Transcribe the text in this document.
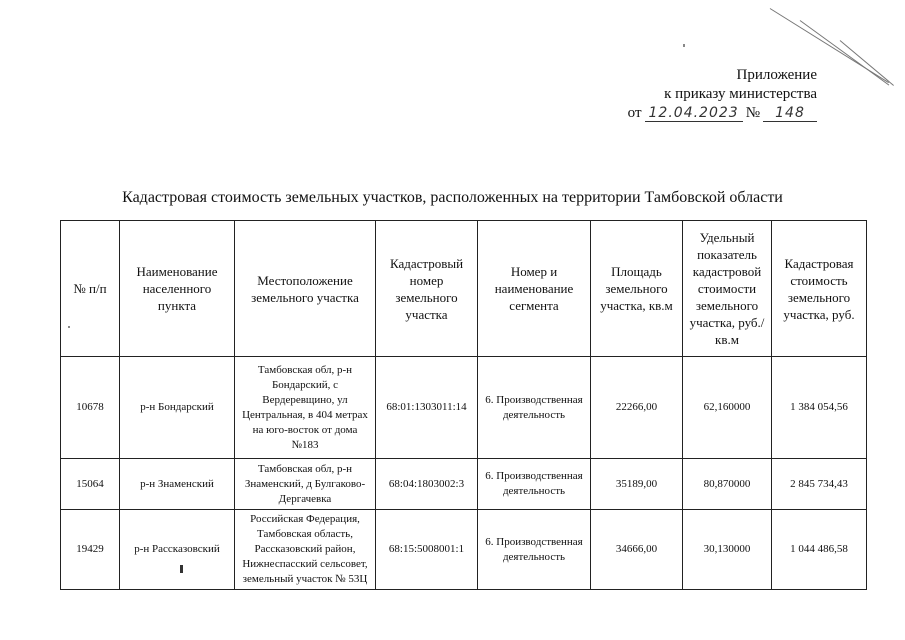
Приложение
к приказу министерства
от 12.04.2023 №	148
Кадастровая стоимость земельных участков, расположенных на территории Тамбовской области
№ п/п	Наименование населенного пункта	Местоположение земельного участка	Кадастровый номер земельного участка	Номер и наименование сегмента	Площадь земельного участка, кв.м	Удельный показатель кадастровой стоимости земельного участка, руб./кв.м	Кадастровая стоимость земельного участка, руб.
10678	р-н Бондарский	Тамбовская обл, р-н Бондарский, с Вердеревщино, ул Центральная, в 404 метрах на юго-восток от дома №183	68:01:1303011:14	6. Производственная деятельность	22266,00	62,160000	1 384 054,56
15064	р-н Знаменский	Тамбовская обл, р-н Знаменский, д Булгаково-Дергачевка	68:04:1803002:3	6. Производственная деятельность	35189,00	80,870000	2 845 734,43
19429	р-н Рассказовский	Российская Федерация, Тамбовская область, Рассказовский район, Нижнеспасский сельсовет, земельный участок № 53Ц	68:15:5008001:1	6. Производственная деятельность	34666,00	30,130000	1 044 486,58
